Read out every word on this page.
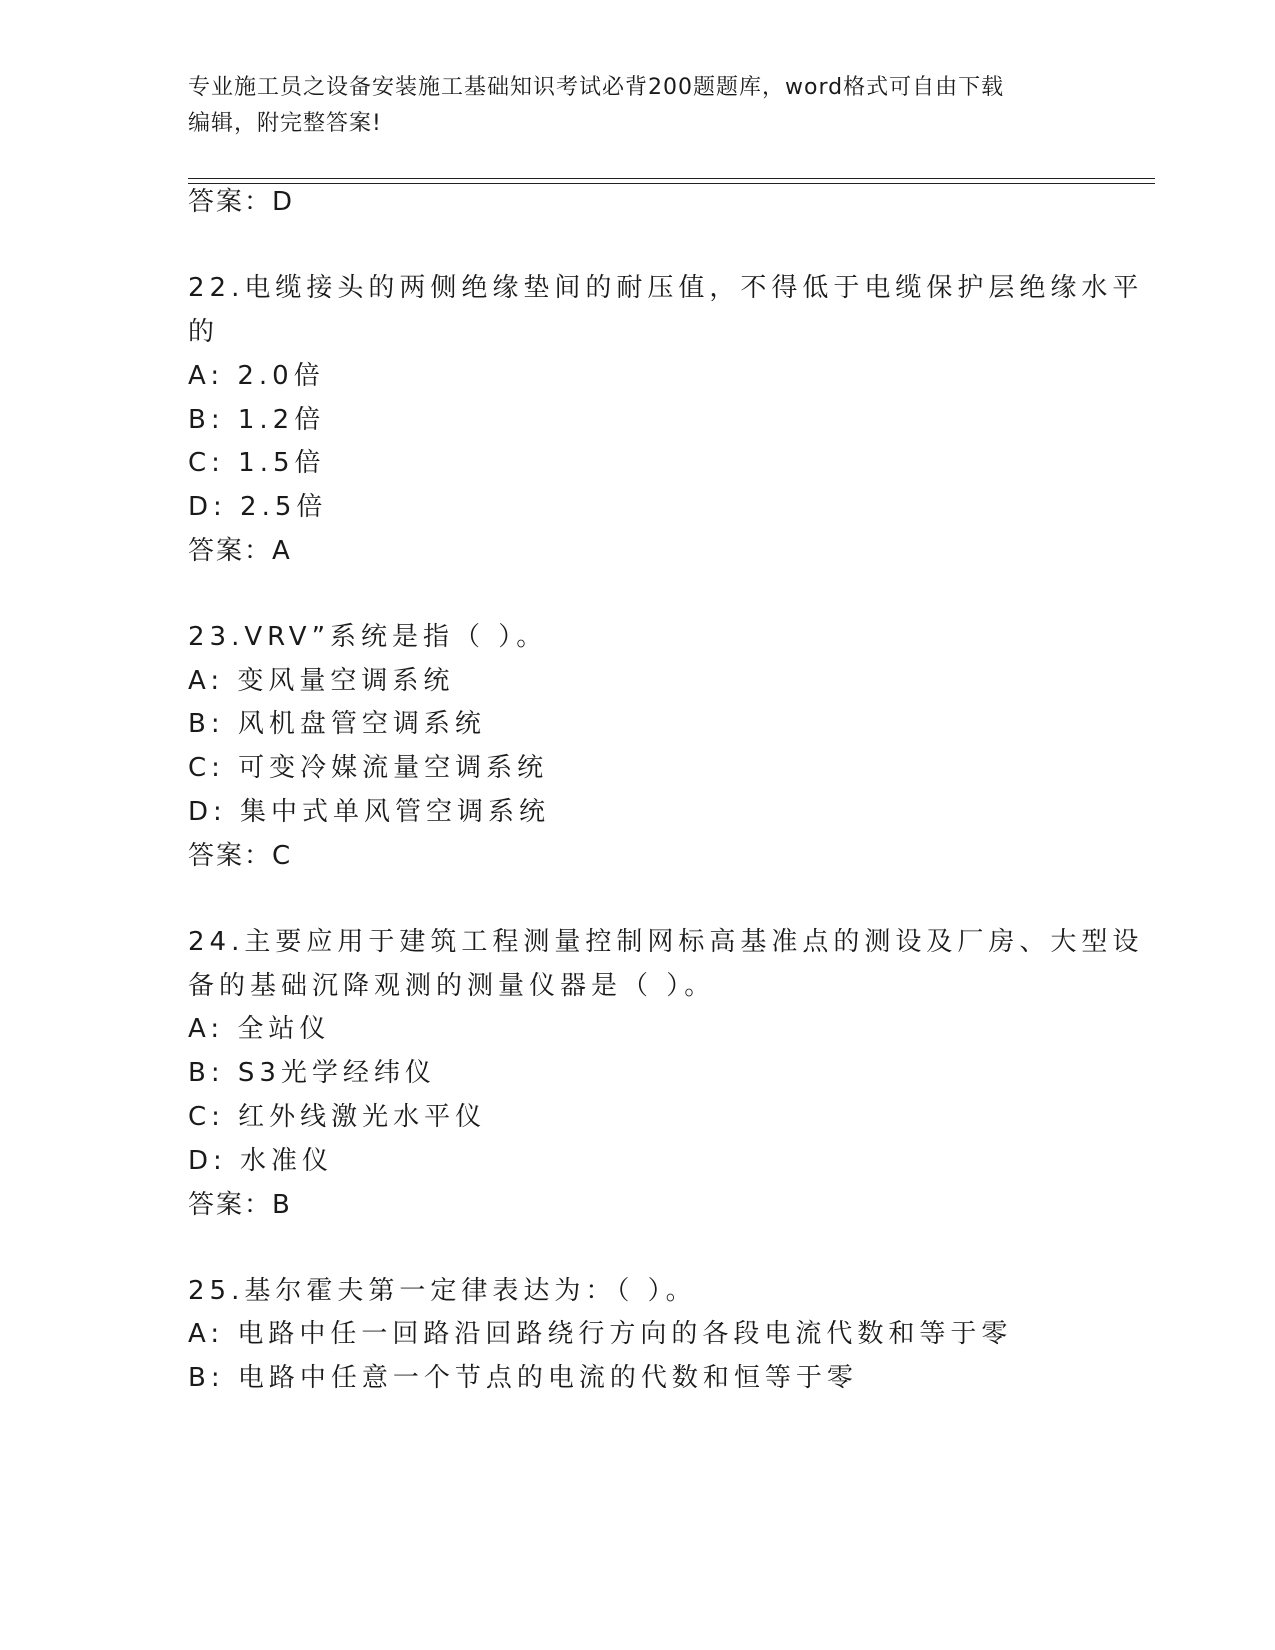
专业施工员之设备安装施工基础知识考试必背200题题库，word格式可自由下载
编辑，附完整答案!
答案：D
22.电缆接头的两侧绝缘垫间的耐压值，不得低于电缆保护层绝缘水平
的
A: 2.0倍
B: 1.2倍
C: 1.5倍
D: 2.5倍
答案：A
23.VRV”系统是指（ ）。
A: 变风量空调系统
B: 风机盘管空调系统
C: 可变冷媒流量空调系统
D: 集中式单风管空调系统
答案：C
24.主要应用于建筑工程测量控制网标高基准点的测设及厂房、大型设
备的基础沉降观测的测量仪器是（ ）。
A: 全站仪
B: S3光学经纬仪
C: 红外线激光水平仪
D: 水准仪
答案：B
25.基尔霍夫第一定律表达为：（ ）。
A: 电路中任一回路沿回路绕行方向的各段电流代数和等于零
B: 电路中任意一个节点的电流的代数和恒等于零
